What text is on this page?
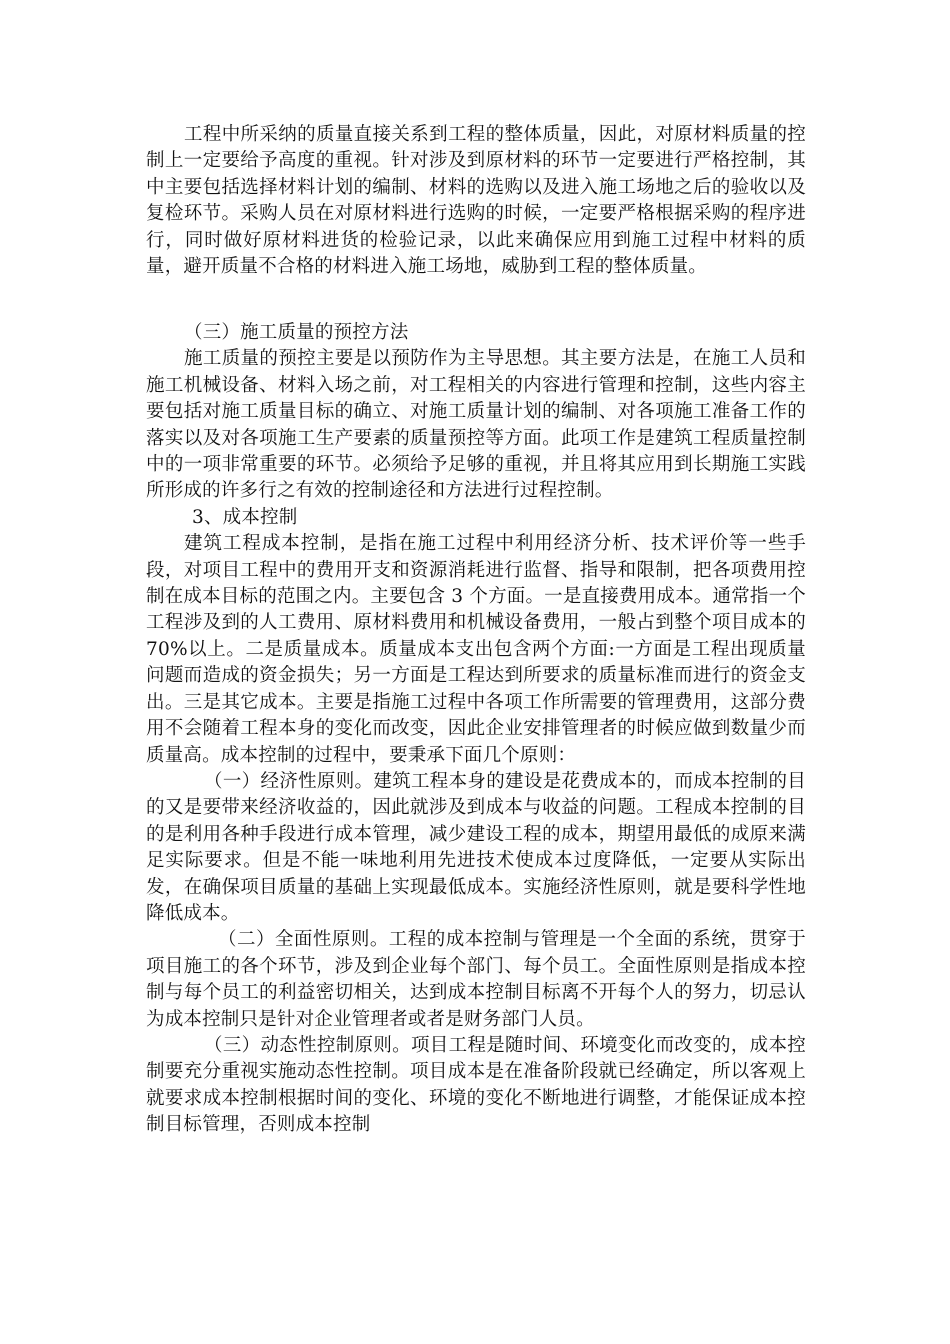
工程中所采纳的质量直接关系到工程的整体质量，因此，对原材料质量的控制上一定要给予高度的重视。针对涉及到原材料的环节一定要进行严格控制，其中主要包括选择材料计划的编制、材料的选购以及进入施工场地之后的验收以及复检环节。采购人员在对原材料进行选购的时候，一定要严格根据采购的程序进行，同时做好原材料进货的检验记录，以此来确保应用到施工过程中材料的质量，避开质量不合格的材料进入施工场地，威胁到工程的整体质量。

（三）施工质量的预控方法

施工质量的预控主要是以预防作为主导思想。其主要方法是，在施工人员和施工机械设备、材料入场之前，对工程相关的内容进行管理和控制，这些内容主要包括对施工质量目标的确立、对施工质量计划的编制、对各项施工准备工作的落实以及对各项施工生产要素的质量预控等方面。此项工作是建筑工程质量控制中的一项非常重要的环节。必须给予足够的重视，并且将其应用到长期施工实践所形成的许多行之有效的控制途径和方法进行过程控制。

3、成本控制

建筑工程成本控制，是指在施工过程中利用经济分析、技术评价等一些手段，对项目工程中的费用开支和资源消耗进行监督、指导和限制，把各项费用控制在成本目标的范围之内。主要包含 3 个方面。一是直接费用成本。通常指一个工程涉及到的人工费用、原材料费用和机械设备费用，一般占到整个项目成本的 70%以上。二是质量成本。质量成本支出包含两个方面:一方面是工程出现质量问题而造成的资金损失；另一方面是工程达到所要求的质量标准而进行的资金支出。三是其它成本。主要是指施工过程中各项工作所需要的管理费用，这部分费用不会随着工程本身的变化而改变，因此企业安排管理者的时候应做到数量少而质量高。成本控制的过程中，要秉承下面几个原则：

（一）经济性原则。建筑工程本身的建设是花费成本的，而成本控制的目的又是要带来经济收益的，因此就涉及到成本与收益的问题。工程成本控制的目的是利用各种手段进行成本管理，减少建设工程的成本，期望用最低的成原来满足实际要求。但是不能一味地利用先进技术使成本过度降低，一定要从实际出发，在确保项目质量的基础上实现最低成本。实施经济性原则，就是要科学性地降低成本。

（二）全面性原则。工程的成本控制与管理是一个全面的系统，贯穿于项目施工的各个环节，涉及到企业每个部门、每个员工。全面性原则是指成本控制与每个员工的利益密切相关，达到成本控制目标离不开每个人的努力，切忌认为成本控制只是针对企业管理者或者是财务部门人员。

（三）动态性控制原则。项目工程是随时间、环境变化而改变的，成本控制要充分重视实施动态性控制。项目成本是在准备阶段就已经确定，所以客观上就要求成本控制根据时间的变化、环境的变化不断地进行调整，才能保证成本控制目标管理，否则成本控制
